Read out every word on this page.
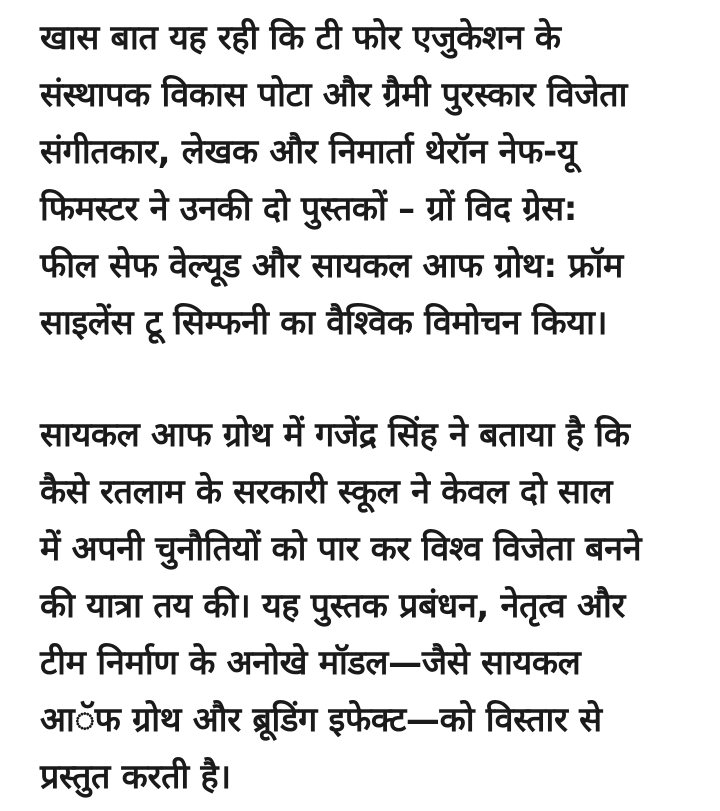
खास बात यह रही कि टी फोर एजुकेशन के
संस्थापक विकास पोटा और ग्रैमी पुरस्कार विजेता
संगीतकार, लेखक और निमार्ता थेरॉन नेफ-यू
फिमस्टर ने उनकी दो पुस्तकों – ग्रों विद ग्रेस:
फील सेफ वेल्यूड और सायकल आफ ग्रोथ: फ्रॉम
साइलेंस टू सिम्फनी का वैश्विक विमोचन किया।

सायकल आफ ग्रोथ में गजेंद्र सिंह ने बताया है कि
कैसे रतलाम के सरकारी स्कूल ने केवल दो साल
में अपनी चुनौतियों को पार कर विश्व विजेता बनने
की यात्रा तय की। यह पुस्तक प्रबंधन, नेतृत्व और
टीम निर्माण के अनोखे मॉडल—जैसे सायकल
आॅफ ग्रोथ और ब्रूडिंग इफेक्ट—को विस्तार से
प्रस्तुत करती है।
